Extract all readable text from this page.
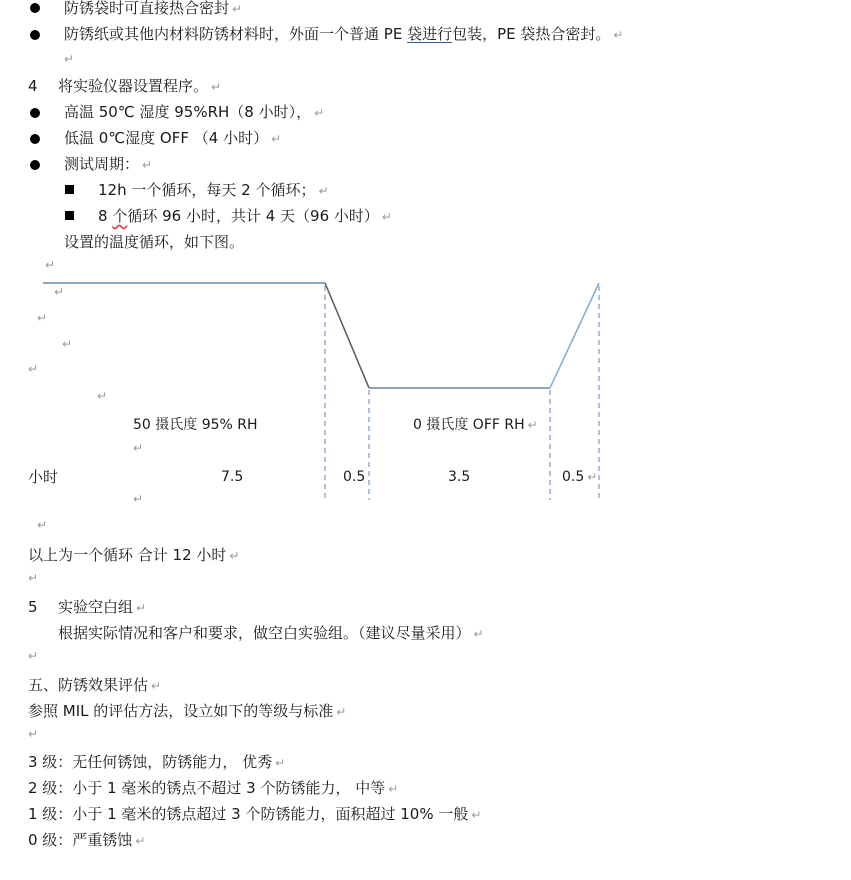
防锈袋时可直接热合密封 ↵
防锈纸或其他内材料防锈材料时，外面一个普通 PE 袋进行包装，PE 袋热合密封。 ↵
↵
4 将实验仪器设置程序。 ↵
高温 50℃ 湿度 95%RH（8 小时）， ↵
低温 0℃湿度 OFF （4 小时） ↵
测试周期： ↵
12h 一个循环，每天 2 个循环； ↵
8 个循环 96 小时，共计 4 天（96 小时） ↵
设置的温度循环，如下图。
↵
↵
↵
↵
↵
↵
50 摄氏度 95% RH	0 摄氏度 OFF RH ↵
↵
小时	7.5	0.5	3.5	0.5 ↵
↵
↵
以上为一个循环 合计 12 小时 ↵
↵
5 实验空白组 ↵
根据实际情况和客户和要求，做空白实验组。（建议尽量采用） ↵
↵
五、防锈效果评估 ↵
参照 MIL 的评估方法，设立如下的等级与标准 ↵
↵
3 级：无任何锈蚀，防锈能力， 优秀 ↵
2 级：小于 1 毫米的锈点不超过 3 个防锈能力， 中等 ↵
1 级：小于 1 毫米的锈点超过 3 个防锈能力，面积超过 10% 一般 ↵
0 级：严重锈蚀 ↵
